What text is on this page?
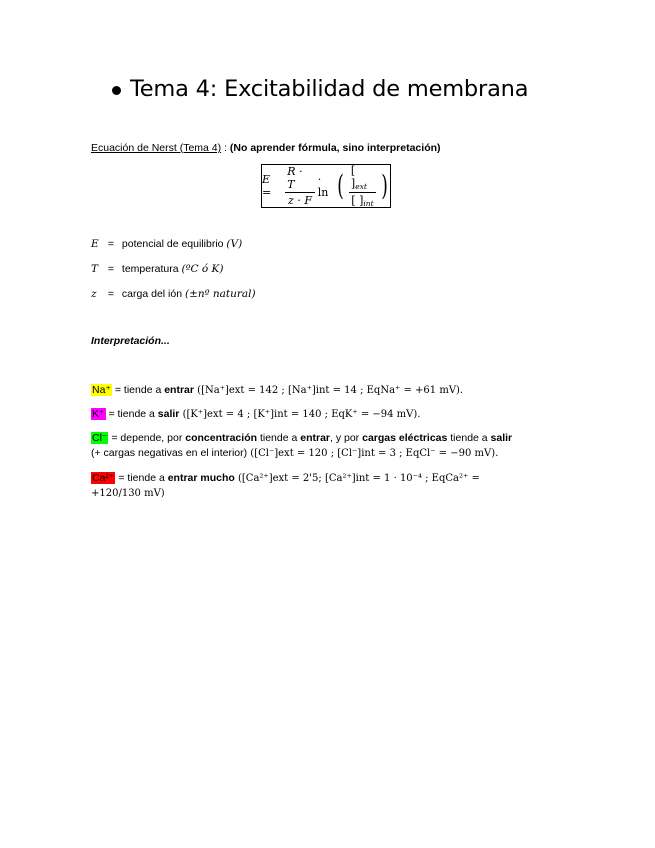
Tema 4: Excitabilidad de membrana
Ecuación de Nerst (Tema 4) : (No aprender fórmula, sino interpretación)
E =	$\frac{R \cdot T}{z \cdot F} \cdot \ln$ ( $\frac{[ ]_{ext}}{[ ]_{int}}$ )
E = potencial de equilibrio (V)
T = temperatura (ºC ó K)
z = carga del ión (±nº natural)
Interpretación...
Na⁺ = tiende a entrar ([Na⁺]ext = 142 ; [Na⁺]int = 14 ; EqNa⁺ = +61 mV).
K⁺ = tiende a salir ([K⁺]ext = 4 ; [K⁺]int = 140 ; EqK⁺ = −94 mV).
Cl⁻ = depende, por concentración tiende a entrar, y por cargas eléctricas tiende a salir
(+ cargas negativas en el interior) ([Cl⁻]ext = 120 ; [Cl⁻]int = 3 ; EqCl⁻ = −90 mV).
Ca²⁺ = tiende a entrar mucho ([Ca²⁺]ext = 2'5; [Ca²⁺]int = 1 · 10⁻⁴ ; EqCa²⁺ =
+120/130 mV)
